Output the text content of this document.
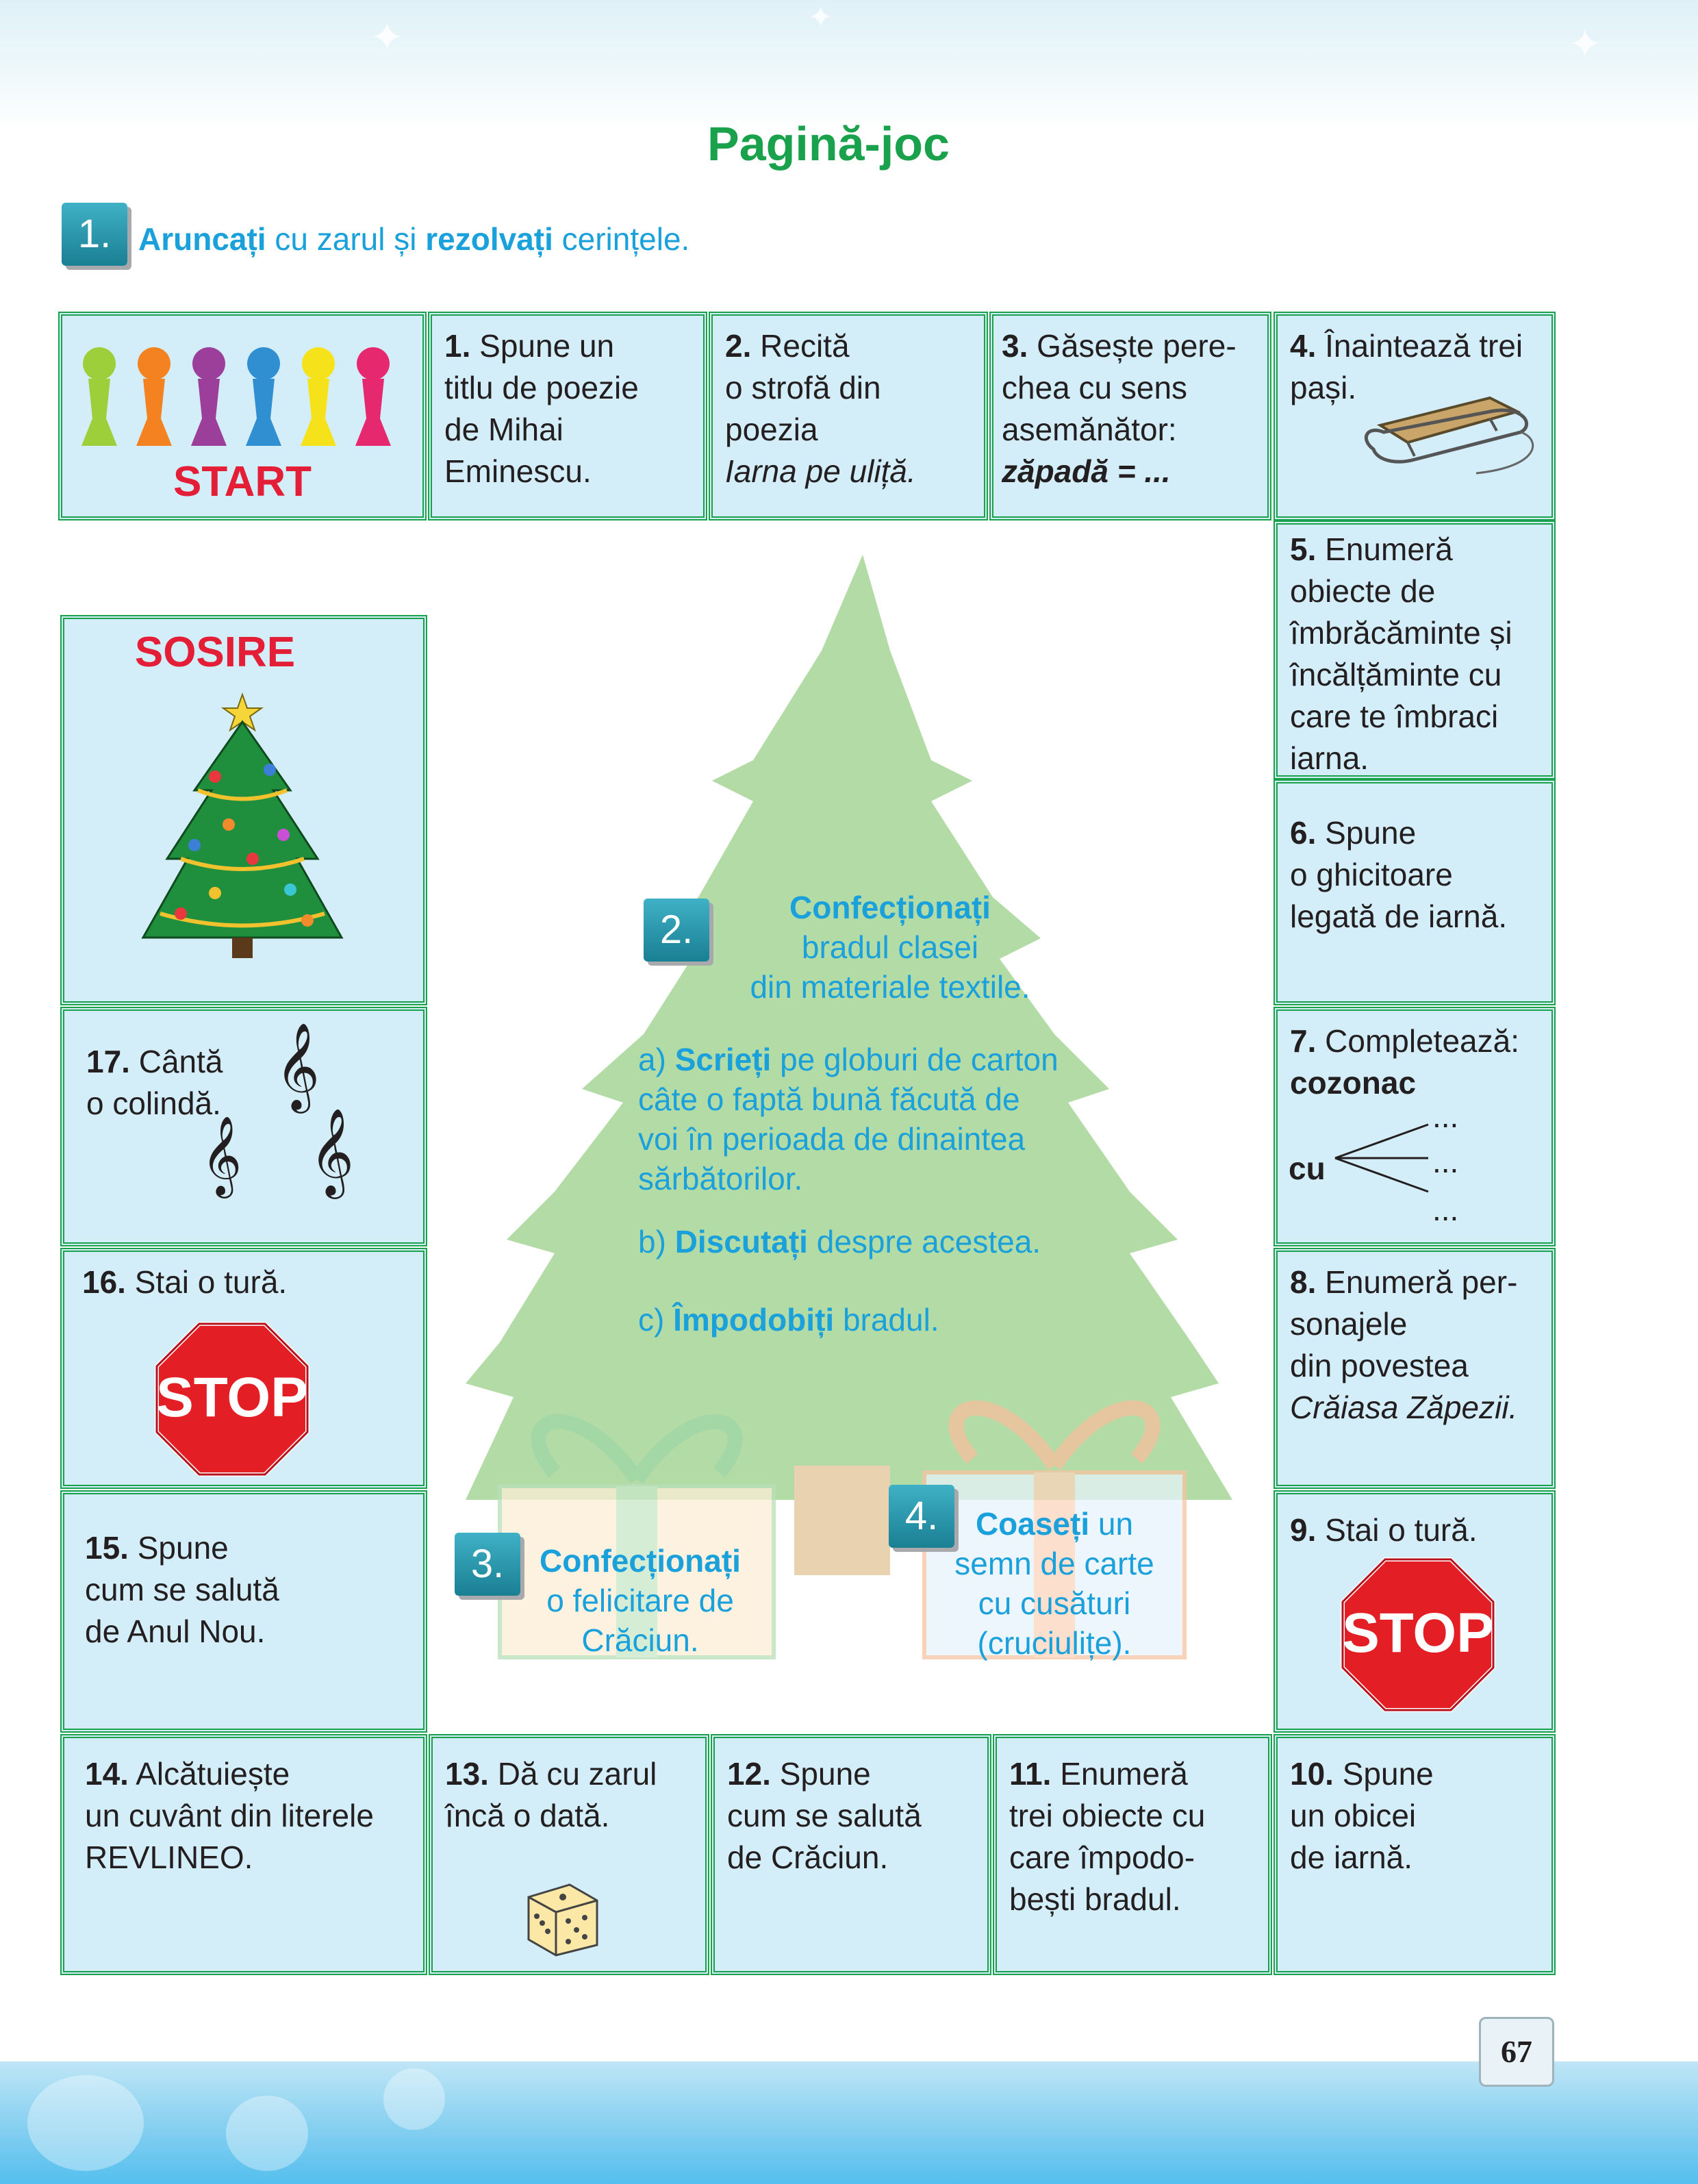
✦	✦
✦
Pagină-joc
1. Aruncați cu zarul și rezolvați cerințele.
START
1. Spune un
titlu de poezie
de Mihai
Eminescu.
2. Recită
o strofă din
poezia
Iarna pe uliță.
3. Găsește pere-
chea cu sens
asemănător:
zăpadă = ...
4. Înaintează trei
pași.
5. Enumeră
obiecte de
îmbrăcăminte și
încălțăminte cu
care te îmbraci
iarna.
6. Spune
o ghicitoare
legată de iarnă.
7. Completează:
cozonac
cu
...
...
...
8. Enumeră per-
sonajele
din povestea
Crăiasa Zăpezii.
9. Stai o tură.
STOP
10. Spune
un obicei
de iarnă.
11. Enumeră
trei obiecte cu
care împodo-
bești bradul.
12. Spune
cum se salută
de Crăciun.
13. Dă cu zarul
încă o dată.
14. Alcătuiește
un cuvânt din literele
REVLINEO.
15. Spune
cum se salută
de Anul Nou.
16. Stai o tură.
STOP
17. Cântă
o colindă. 𝄞
𝄞 𝄞
SOSIRE
2.	Confecționați
bradul clasei
din materiale textile.
a) Scrieți pe globuri de carton
câte o faptă bună făcută de
voi în perioada de dinaintea
sărbătorilor.
b) Discutați despre acestea.
c) Împodobiți bradul.
3.	Confecționați
o felicitare de
Crăciun.
4.	Coaseți un
semn de carte
cu cusături
(cruciulițe).
67
